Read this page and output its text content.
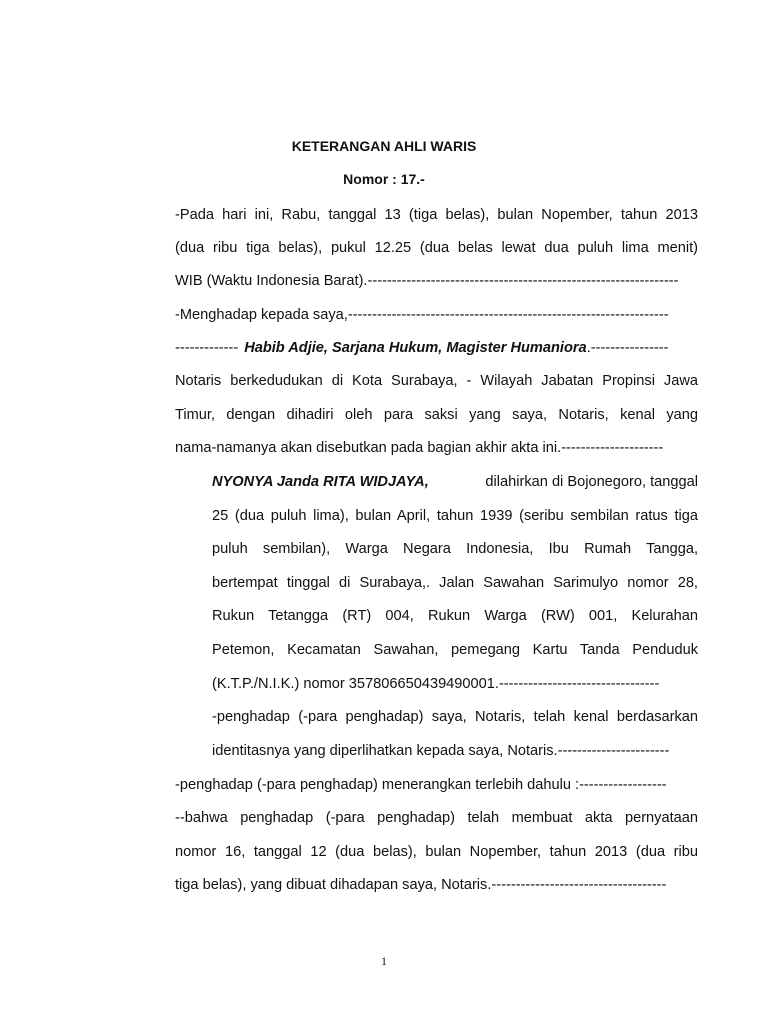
KETERANGAN AHLI WARIS
Nomor : 17.-
-Pada hari ini, Rabu, tanggal 13 (tiga belas), bulan Nopember, tahun 2013
(dua ribu tiga belas), pukul 12.25 (dua belas lewat dua puluh lima menit)
WIB (Waktu Indonesia Barat). ----------------------------------------------------------------
-Menghadap kepada saya, ------------------------------------------------------------------
------------- Habib Adjie, Sarjana Hukum, Magister Humaniora . ----------------
Notaris berkedudukan di Kota Surabaya, - Wilayah Jabatan Propinsi Jawa
Timur, dengan dihadiri oleh para saksi yang saya, Notaris, kenal yang
nama-namanya akan disebutkan pada bagian akhir akta ini. ---------------------
NYONYA Janda RITA WIDJAYA,	dilahirkan di Bojonegoro, tanggal
25 (dua puluh lima), bulan April, tahun 1939 (seribu sembilan ratus tiga
puluh sembilan), Warga Negara Indonesia, Ibu Rumah Tangga,
bertempat tinggal di Surabaya,. Jalan Sawahan Sarimulyo nomor 28,
Rukun Tetangga (RT) 004, Rukun Warga (RW) 001, Kelurahan
Petemon, Kecamatan Sawahan, pemegang Kartu Tanda Penduduk
(K.T.P./N.I.K.) nomor 357806650439490001. ---------------------------------
-penghadap (-para penghadap) saya, Notaris, telah kenal berdasarkan
identitasnya yang diperlihatkan kepada saya, Notaris. -----------------------
-penghadap (-para penghadap) menerangkan terlebih dahulu : ------------------
--bahwa penghadap (-para penghadap) telah membuat akta pernyataan
nomor 16, tanggal 12 (dua belas), bulan Nopember, tahun 2013 (dua ribu
tiga belas), yang dibuat dihadapan saya, Notaris. ------------------------------------
1
